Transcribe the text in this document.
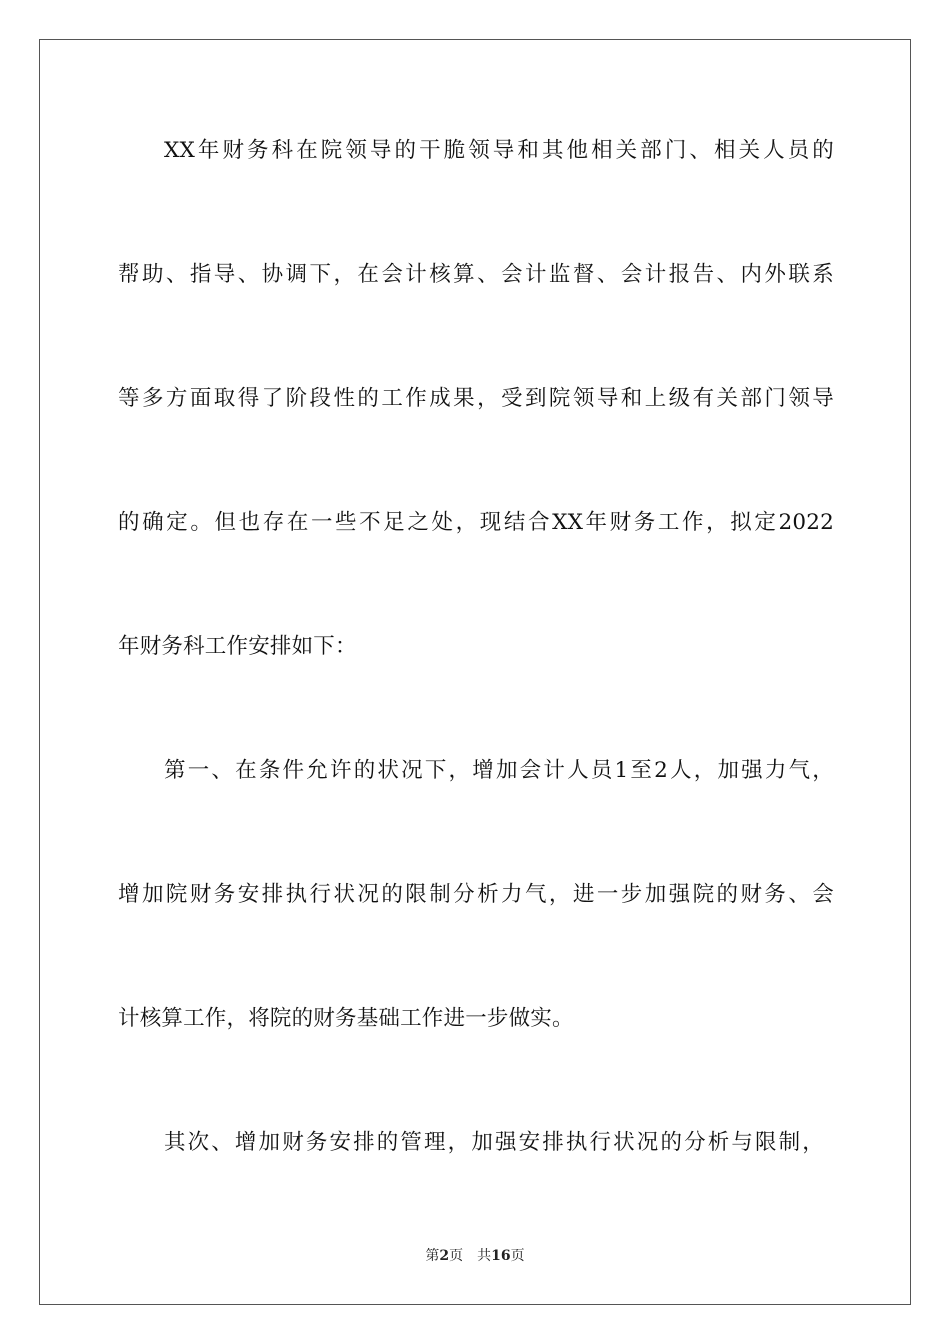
XX年财务科在院领导的干脆领导和其他相关部门、相关人员的
帮助、指导、协调下，在会计核算、会计监督、会计报告、内外联系
等多方面取得了阶段性的工作成果，受到院领导和上级有关部门领导
的确定。但也存在一些不足之处，现结合XX年财务工作，拟定2022
年财务科工作安排如下：
第一、在条件允许的状况下，增加会计人员1至2人，加强力气，
增加院财务安排执行状况的限制分析力气，进一步加强院的财务、会
计核算工作，将院的财务基础工作进一步做实。
其次、增加财务安排的管理，加强安排执行状况的分析与限制，
第2页 共16页
